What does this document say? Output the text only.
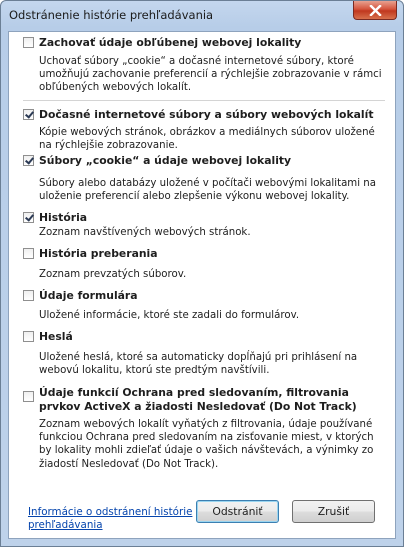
Odstránenie histórie prehľadávania
Zachovať údaje obľúbenej webovej lokality
Uchovať súbory „cookie“ a dočasné internetové súbory, ktoré umožňujú zachovanie preferencií a rýchlejšie zobrazovanie v rámci obľúbených webových lokalít.
Dočasné internetové súbory a súbory webových lokalít
Kópie webových stránok, obrázkov a mediálnych súborov uložené na rýchlejšie zobrazovanie.
Súbory „cookie“ a údaje webovej lokality
Súbory alebo databázy uložené v počítači webovými lokalitami na uloženie preferencií alebo zlepšenie výkonu webovej lokality.
História
Zoznam navštívených webových stránok.
História preberania
Zoznam prevzatých súborov.
Údaje formulára
Uložené informácie, ktoré ste zadali do formulárov.
Heslá
Uložené heslá, ktoré sa automaticky dopĺňajú pri prihlásení na webovú lokalitu, ktorú ste predtým navštívili.
Údaje funkcií Ochrana pred sledovaním, filtrovania prvkov ActiveX a žiadosti Nesledovať (Do Not Track)
Zoznam webových lokalít vyňatých z filtrovania, údaje používané funkciou Ochrana pred sledovaním na zisťovanie miest, v ktorých by lokality mohli zdieľať údaje o vašich návštevách, a výnimky zo žiadostí Nesledovať (Do Not Track).
Informácie o odstránení histórie prehľadávania
Odstrániť	Zrušiť
